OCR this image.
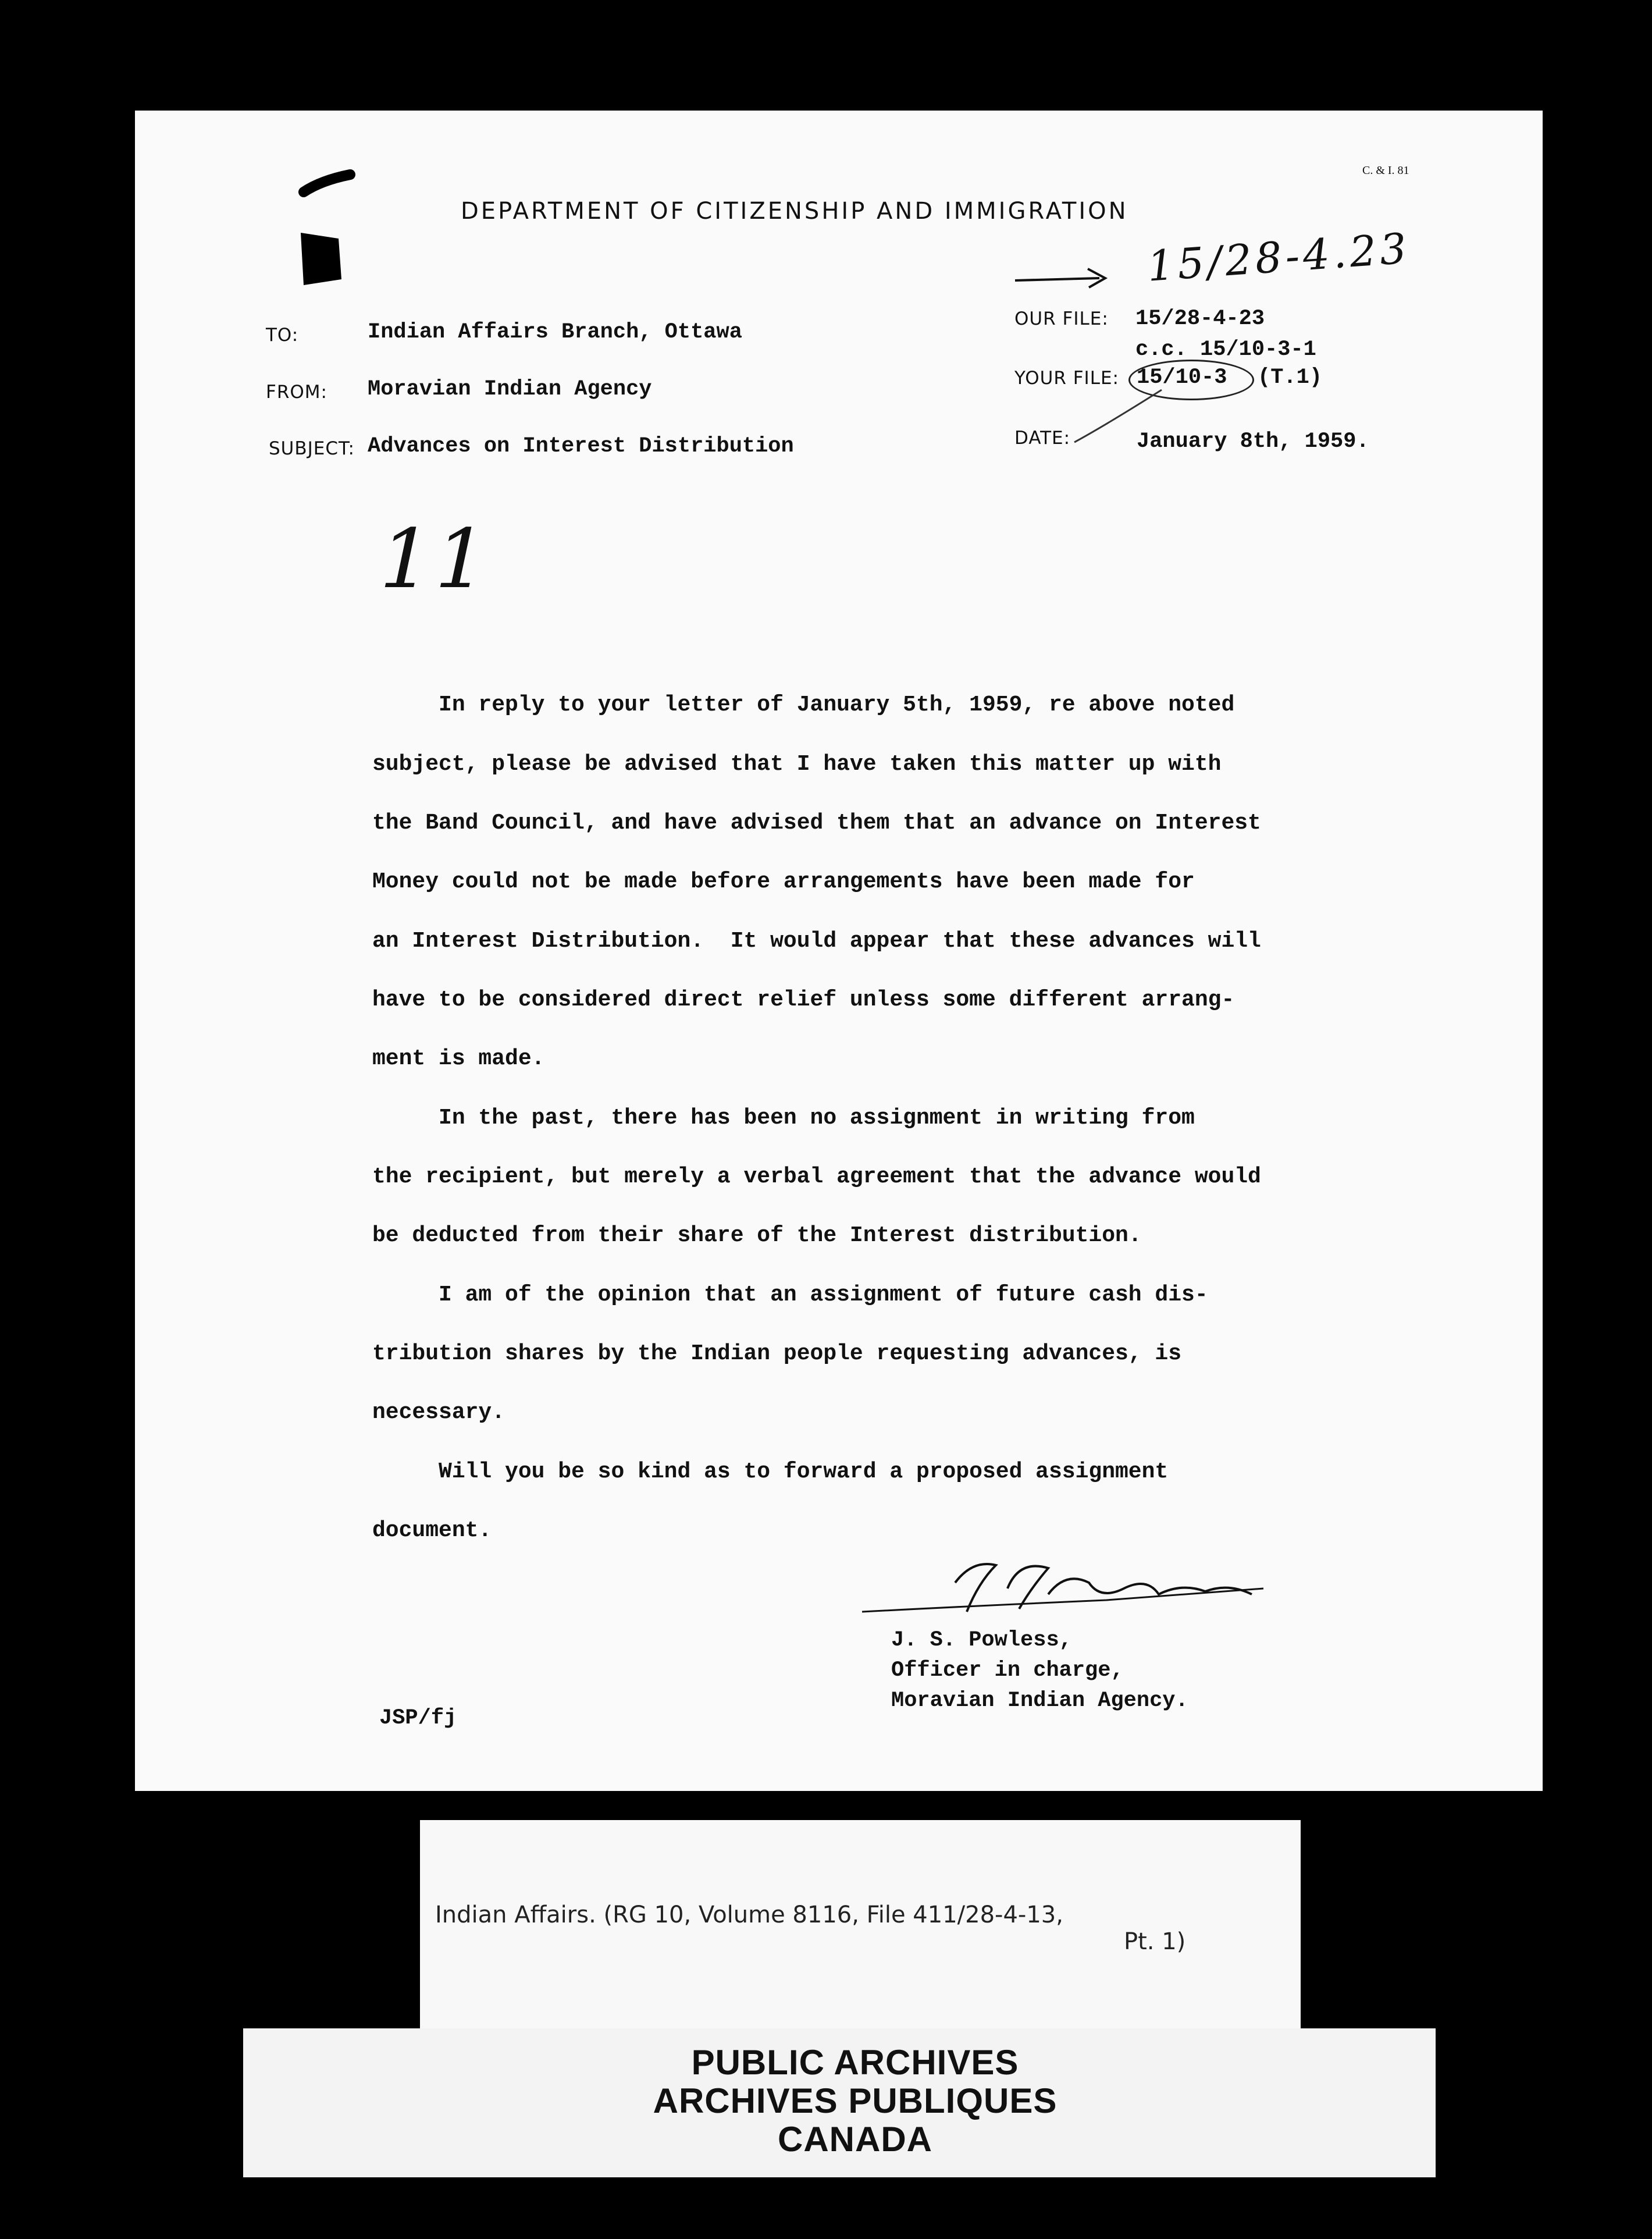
C. & I. 81
DEPARTMENT OF CITIZENSHIP AND IMMIGRATION
15/28-4.23
TO:	Indian Affairs Branch, Ottawa
FROM: Moravian Indian Agency
SUBJECT: Advances on Interest Distribution
OUR FILE: 15/28-4-23
c.c. 15/10-3-1
YOUR FILE: 15/10-3 (T.1)
DATE:	January 8th, 1959.
11
In reply to your letter of January 5th, 1959, re above noted
subject, please be advised that I have taken this matter up with
the Band Council, and have advised them that an advance on Interest
Money could not be made before arrangements have been made for
an Interest Distribution.  It would appear that these advances will
have to be considered direct relief unless some different arrang-
ment is made.
In the past, there has been no assignment in writing from
the recipient, but merely a verbal agreement that the advance would
be deducted from their share of the Interest distribution.
I am of the opinion that an assignment of future cash dis-
tribution shares by the Indian people requesting advances, is
necessary.
Will you be so kind as to forward a proposed assignment
document.
J.S. Powless
J. S. Powless,
Officer in charge,
Moravian Indian Agency.
JSP/fj
Indian Affairs. (RG 10, Volume 8116, File 411/28-4-13,
Pt. 1)
PUBLIC ARCHIVES
ARCHIVES PUBLIQUES
CANADA
